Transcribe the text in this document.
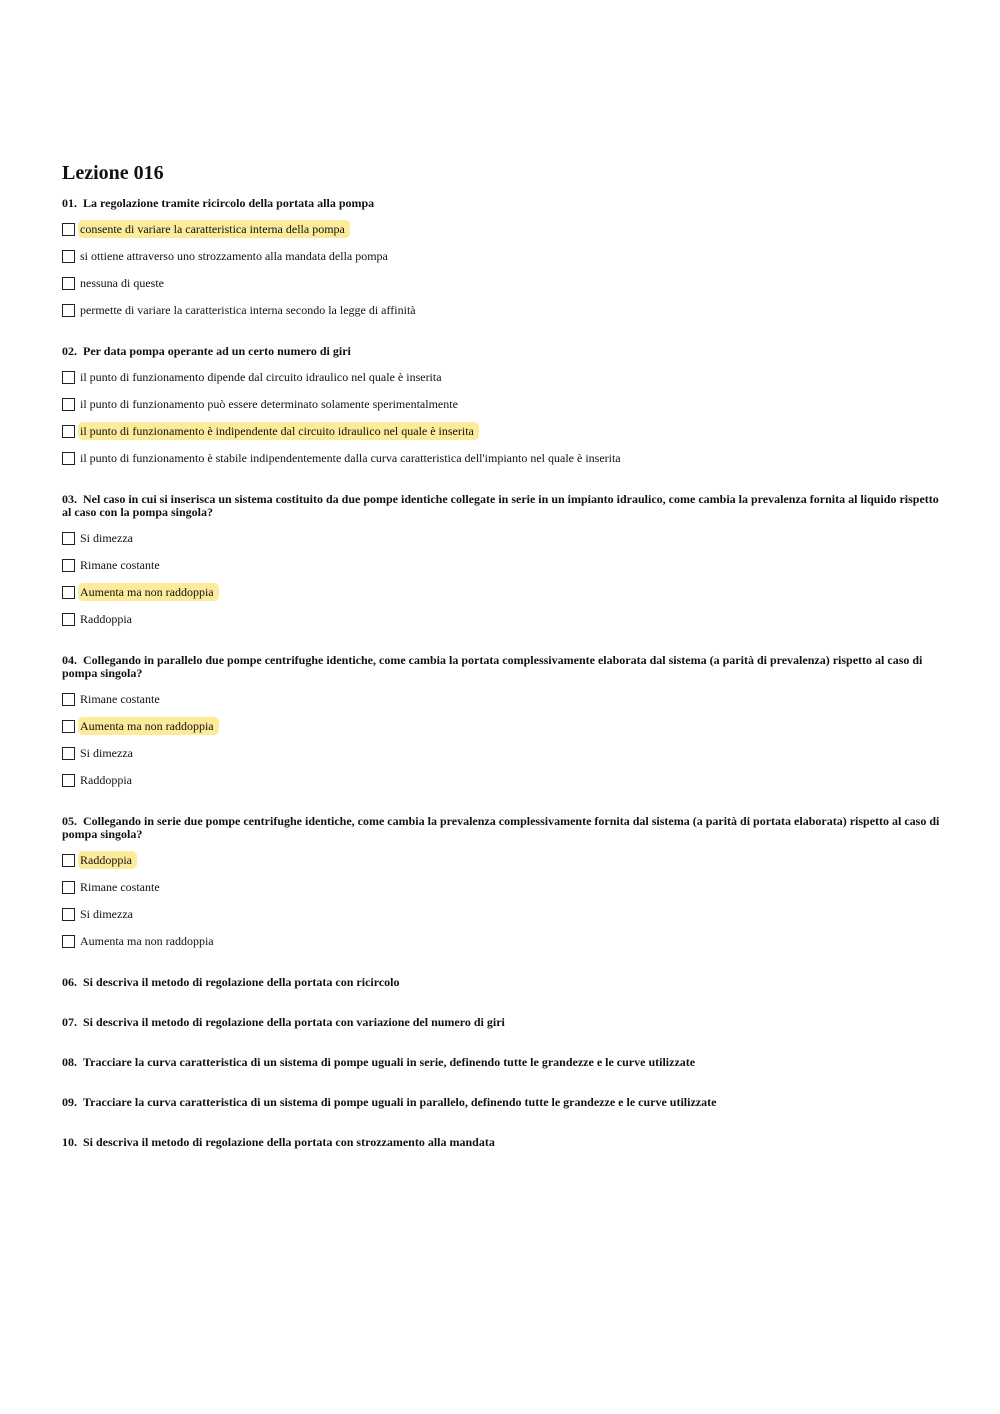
Lezione 016
01. La regolazione tramite ricircolo della portata alla pompa
consente di variare la caratteristica interna della pompa
si ottiene attraverso uno strozzamento alla mandata della pompa
nessuna di queste
permette di variare la caratteristica interna secondo la legge di affinità
02. Per data pompa operante ad un certo numero di giri
il punto di funzionamento dipende dal circuito idraulico nel quale è inserita
il punto di funzionamento può essere determinato solamente sperimentalmente
il punto di funzionamento è indipendente dal circuito idraulico nel quale è inserita
il punto di funzionamento è stabile indipendentemente dalla curva caratteristica dell'impianto nel quale è inserita
03. Nel caso in cui si inserisca un sistema costituito da due pompe identiche collegate in serie in un impianto idraulico, come cambia la prevalenza fornita al liquido rispetto al caso con la pompa singola?
Si dimezza
Rimane costante
Aumenta ma non raddoppia
Raddoppia
04. Collegando in parallelo due pompe centrifughe identiche, come cambia la portata complessivamente elaborata dal sistema (a parità di prevalenza) rispetto al caso di pompa singola?
Rimane costante
Aumenta ma non raddoppia
Si dimezza
Raddoppia
05. Collegando in serie due pompe centrifughe identiche, come cambia la prevalenza complessivamente fornita dal sistema (a parità di portata elaborata) rispetto al caso di pompa singola?
Raddoppia
Rimane costante
Si dimezza
Aumenta ma non raddoppia
06. Si descriva il metodo di regolazione della portata con ricircolo
07. Si descriva il metodo di regolazione della portata con variazione del numero di giri
08. Tracciare la curva caratteristica di un sistema di pompe uguali in serie, definendo tutte le grandezze e le curve utilizzate
09. Tracciare la curva caratteristica di un sistema di pompe uguali in parallelo, definendo tutte le grandezze e le curve utilizzate
10. Si descriva il metodo di regolazione della portata con strozzamento alla mandata
